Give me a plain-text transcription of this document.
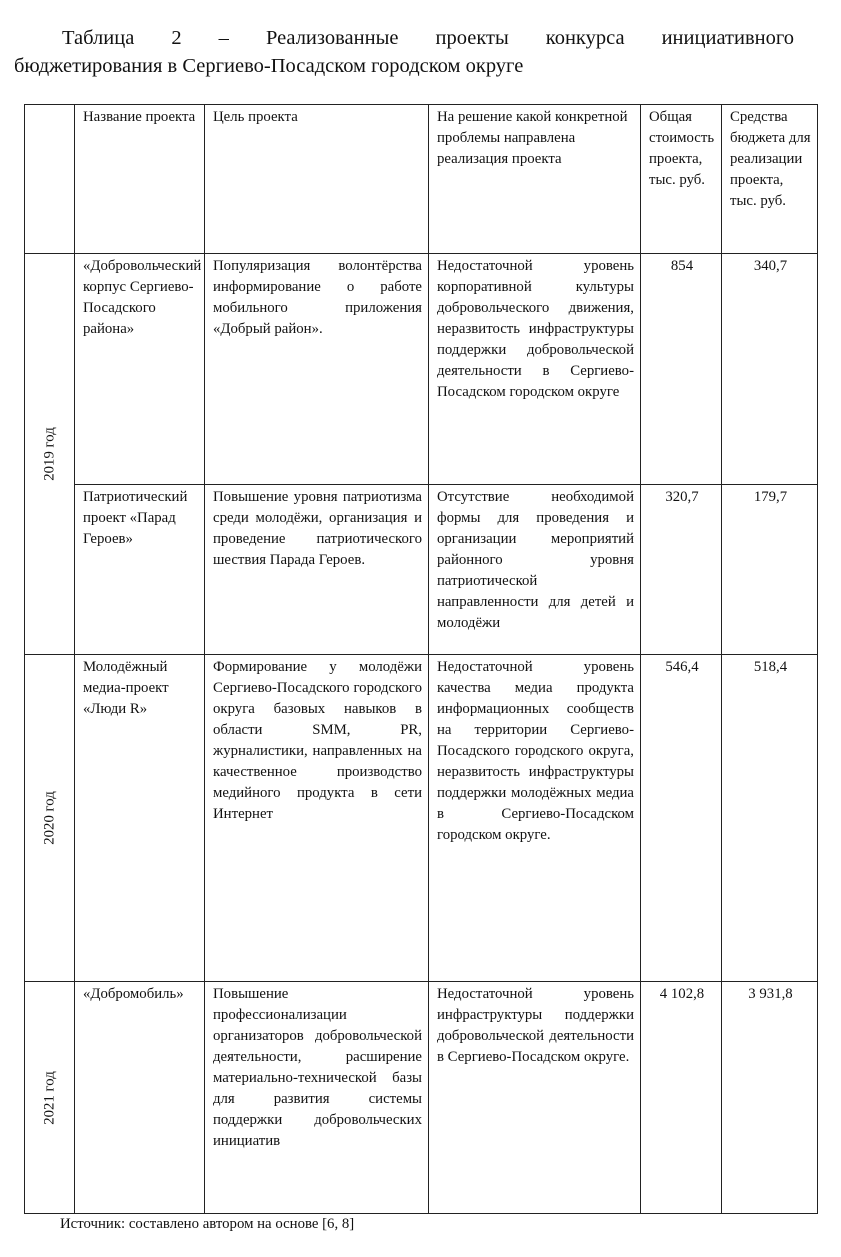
Таблица 2 – Реализованные проекты конкурса инициативного
бюджетирования в Сергиево-Посадском городском округе
	Название проекта	Цель проекта	На решение какой конкретной проблемы направлена реализация проекта	Общая стоимость проекта, тыс. руб.	Средства бюджета для реализации проекта, тыс. руб.

2019 год	«Добровольческий корпус Сергиево-Посадского района»	Популяризация волонтёрства информирование о работе мобильного приложения «Добрый район».	Недостаточной уровень корпоративной культуры добровольческого движения, неразвитость инфраструктуры поддержки добровольческой деятельности в Сергиево-Посадском городском округе	854	340,7
	Патриотический проект «Парад Героев»	Повышение уровня патриотизма среди молодёжи, организация и проведение патриотического шествия Парада Героев.	Отсутствие необходимой формы для проведения и организации мероприятий районного уровня патриотической направленности для детей и молодёжи	320,7	179,7

2020 год	Молодёжный медиа-проект «Люди R»	Формирование у молодёжи Сергиево-Посадского городского округа базовых навыков в области SMM, PR, журналистики, направленных на качественное производство медийного продукта в сети Интернет	Недостаточной уровень качества медиа продукта информационных сообществ на территории Сергиево-Посадского городского округа, неразвитость инфраструктуры поддержки молодёжных медиа в Сергиево-Посадском городском округе.	546,4	518,4

2021 год	«Добромобиль»	Повышение профессионализации организаторов добровольческой деятельности, расширение материально-технической базы для развития системы поддержки добровольческих инициатив	Недостаточной уровень инфраструктуры поддержки добровольческой деятельности в Сергиево-Посадском округе.	4 102,8	3 931,8
Источник: составлено автором на основе [6, 8]
